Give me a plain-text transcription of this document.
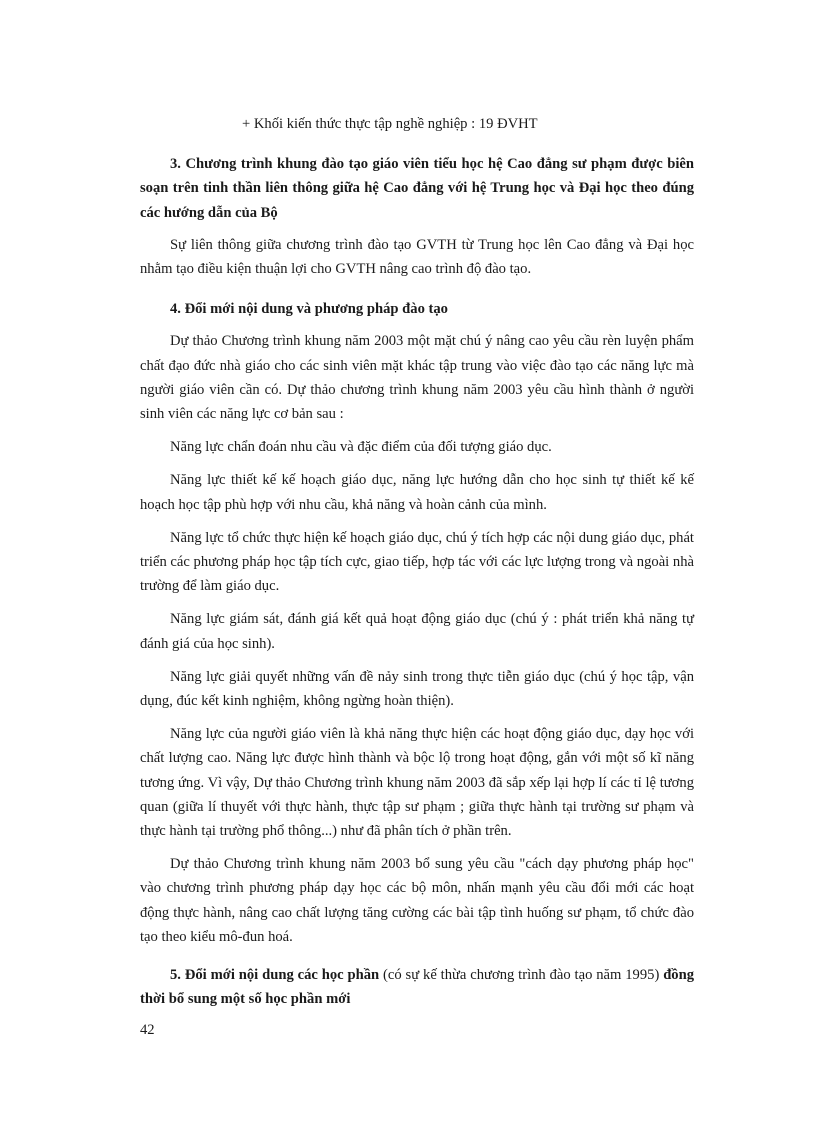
+ Khối kiến thức thực tập nghề nghiệp : 19 ĐVHT

3. Chương trình khung đào tạo giáo viên tiểu học hệ Cao đẳng sư phạm được biên soạn trên tinh thần liên thông giữa hệ Cao đẳng với hệ Trung học và Đại học theo đúng các hướng dẫn của Bộ

Sự liên thông giữa chương trình đào tạo GVTH từ Trung học lên Cao đẳng và Đại học nhằm tạo điều kiện thuận lợi cho GVTH nâng cao trình độ đào tạo.

4. Đổi mới nội dung và phương pháp đào tạo

Dự thảo Chương trình khung năm 2003 một mặt chú ý nâng cao yêu cầu rèn luyện phẩm chất đạo đức nhà giáo cho các sinh viên mặt khác tập trung vào việc đào tạo các năng lực mà người giáo viên cần có. Dự thảo chương trình khung năm 2003 yêu cầu hình thành ở người sinh viên các năng lực cơ bản sau :

Năng lực chẩn đoán nhu cầu và đặc điểm của đối tượng giáo dục.

Năng lực thiết kế kế hoạch giáo dục, năng lực hướng dẫn cho học sinh tự thiết kế kế hoạch học tập phù hợp với nhu cầu, khả năng và hoàn cảnh của mình.

Năng lực tổ chức thực hiện kế hoạch giáo dục, chú ý tích hợp các nội dung giáo dục, phát triển các phương pháp học tập tích cực, giao tiếp, hợp tác với các lực lượng trong và ngoài nhà trường để làm giáo dục.

Năng lực giám sát, đánh giá kết quả hoạt động giáo dục (chú ý : phát triển khả năng tự đánh giá của học sinh).

Năng lực giải quyết những vấn đề nảy sinh trong thực tiễn giáo dục (chú ý học tập, vận dụng, đúc kết kinh nghiệm, không ngừng hoàn thiện).

Năng lực của người giáo viên là khả năng thực hiện các hoạt động giáo dục, dạy học với chất lượng cao. Năng lực được hình thành và bộc lộ trong hoạt động, gắn với một số kĩ năng tương ứng. Vì vậy, Dự thảo Chương trình khung năm 2003 đã sắp xếp lại hợp lí các tỉ lệ tương quan (giữa lí thuyết với thực hành, thực tập sư phạm ; giữa thực hành tại trường sư phạm và thực hành tại trường phổ thông...) như đã phân tích ở phần trên.

Dự thảo Chương trình khung năm 2003 bổ sung yêu cầu "cách dạy phương pháp học" vào chương trình phương pháp dạy học các bộ môn, nhấn mạnh yêu cầu đổi mới các hoạt động thực hành, nâng cao chất lượng tăng cường các bài tập tình huống sư phạm, tổ chức đào tạo theo kiểu mô-đun hoá.

5. Đổi mới nội dung các học phần (có sự kế thừa chương trình đào tạo năm 1995) đồng thời bổ sung một số học phần mới

42
